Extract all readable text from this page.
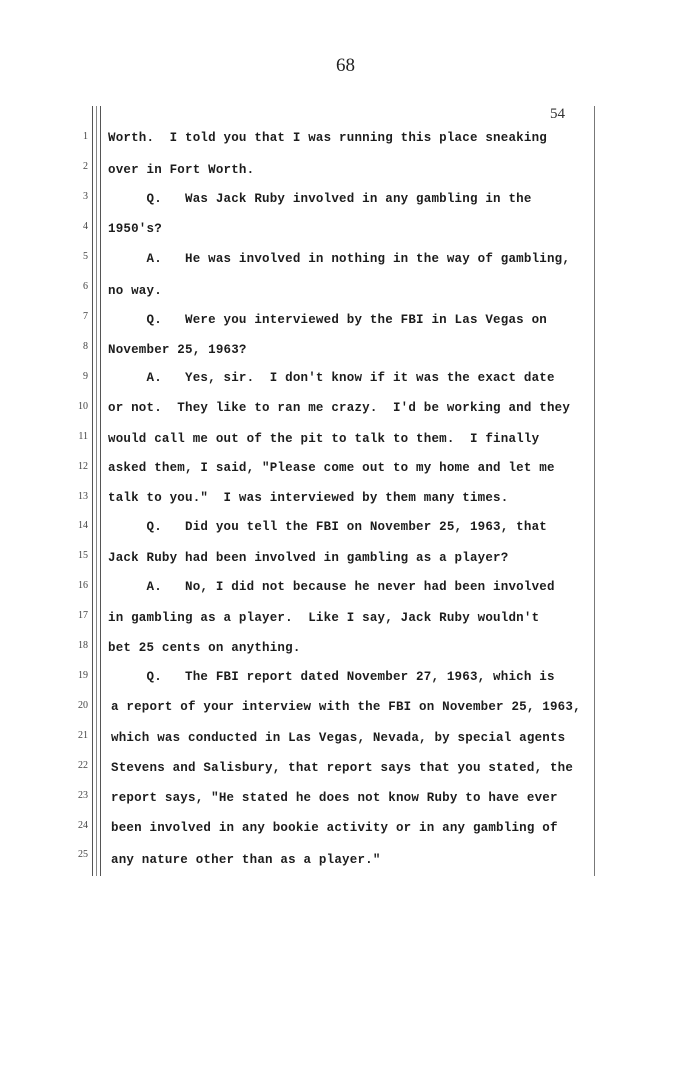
68
54
1
2
3
4
5
6
7
8
9
10
11
12
13
14
15
16
17
18
19
20
21
22
23
24
25
Worth.  I told you that I was running this place sneaking
over in Fort Worth.
Q.   Was Jack Ruby involved in any gambling in the
1950's?
A.   He was involved in nothing in the way of gambling,
no way.
Q.   Were you interviewed by the FBI in Las Vegas on
November 25, 1963?
A.   Yes, sir.  I don't know if it was the exact date
or not.  They like to ran me crazy.  I'd be working and they
would call me out of the pit to talk to them.  I finally
asked them, I said, "Please come out to my home and let me
talk to you."  I was interviewed by them many times.
Q.   Did you tell the FBI on November 25, 1963, that
Jack Ruby had been involved in gambling as a player?
A.   No, I did not because he never had been involved
in gambling as a player.  Like I say, Jack Ruby wouldn't
bet 25 cents on anything.
Q.   The FBI report dated November 27, 1963, which is
a report of your interview with the FBI on November 25, 1963,
which was conducted in Las Vegas, Nevada, by special agents
Stevens and Salisbury, that report says that you stated, the
report says, "He stated he does not know Ruby to have ever
been involved in any bookie activity or in any gambling of
any nature other than as a player."
